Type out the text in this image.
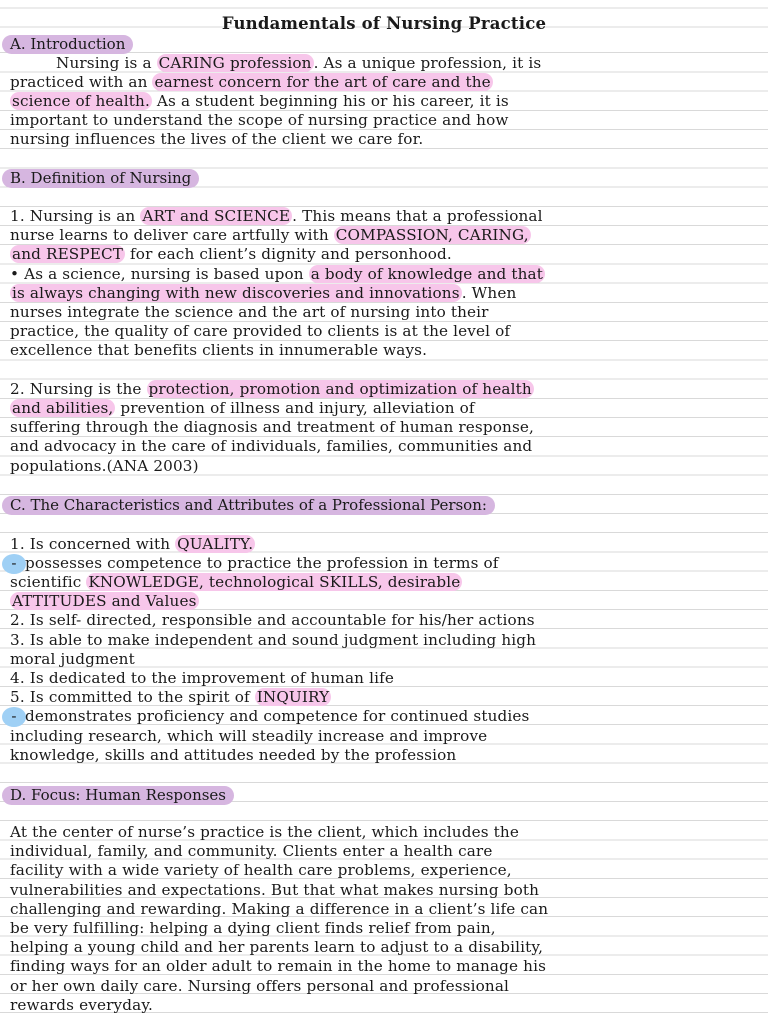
Fundamentals of Nursing Practice
A. Introduction
Nursing is a CARING profession . As a unique profession, it is
practiced with an earnest concern for the art of care and the
science of health. As a student beginning his or his career, it is
important to understand the scope of nursing practice and how
nursing influences the lives of the client we care for.
B. Definition of Nursing
1. Nursing is an ART and SCIENCE . This means that a professional
nurse learns to deliver care artfully with COMPASSION, CARING,
and RESPECT for each client’s dignity and personhood.
• As a science, nursing is based upon a body of knowledge and that
is always changing with new discoveries and innovations . When
nurses integrate the science and the art of nursing into their
practice, the quality of care provided to clients is at the level of
excellence that benefits clients in innumerable ways.
2. Nursing is the protection, promotion and optimization of health
and abilities, prevention of illness and injury, alleviation of
suffering through the diagnosis and treatment of human response,
and advocacy in the care of individuals, families, communities and
populations.(ANA 2003)
C. The Characteristics and Attributes of a Professional Person:
1. Is concerned with QUALITY.
- possesses competence to practice the profession in terms of
scientific KNOWLEDGE, technological SKILLS, desirable
ATTITUDES and Values
2. Is self- directed, responsible and accountable for his/her actions
3. Is able to make independent and sound judgment including high
moral judgment
4. Is dedicated to the improvement of human life
5. Is committed to the spirit of INQUIRY
- demonstrates proficiency and competence for continued studies
including research, which will steadily increase and improve
knowledge, skills and attitudes needed by the profession
D. Focus: Human Responses
At the center of nurse’s practice is the client, which includes the
individual, family, and community. Clients enter a health care
facility with a wide variety of health care problems, experience,
vulnerabilities and expectations. But that what makes nursing both
challenging and rewarding. Making a difference in a client’s life can
be very fulfilling: helping a dying client finds relief from pain,
helping a young child and her parents learn to adjust to a disability,
finding ways for an older adult to remain in the home to manage his
or her own daily care. Nursing offers personal and professional
rewards everyday.
